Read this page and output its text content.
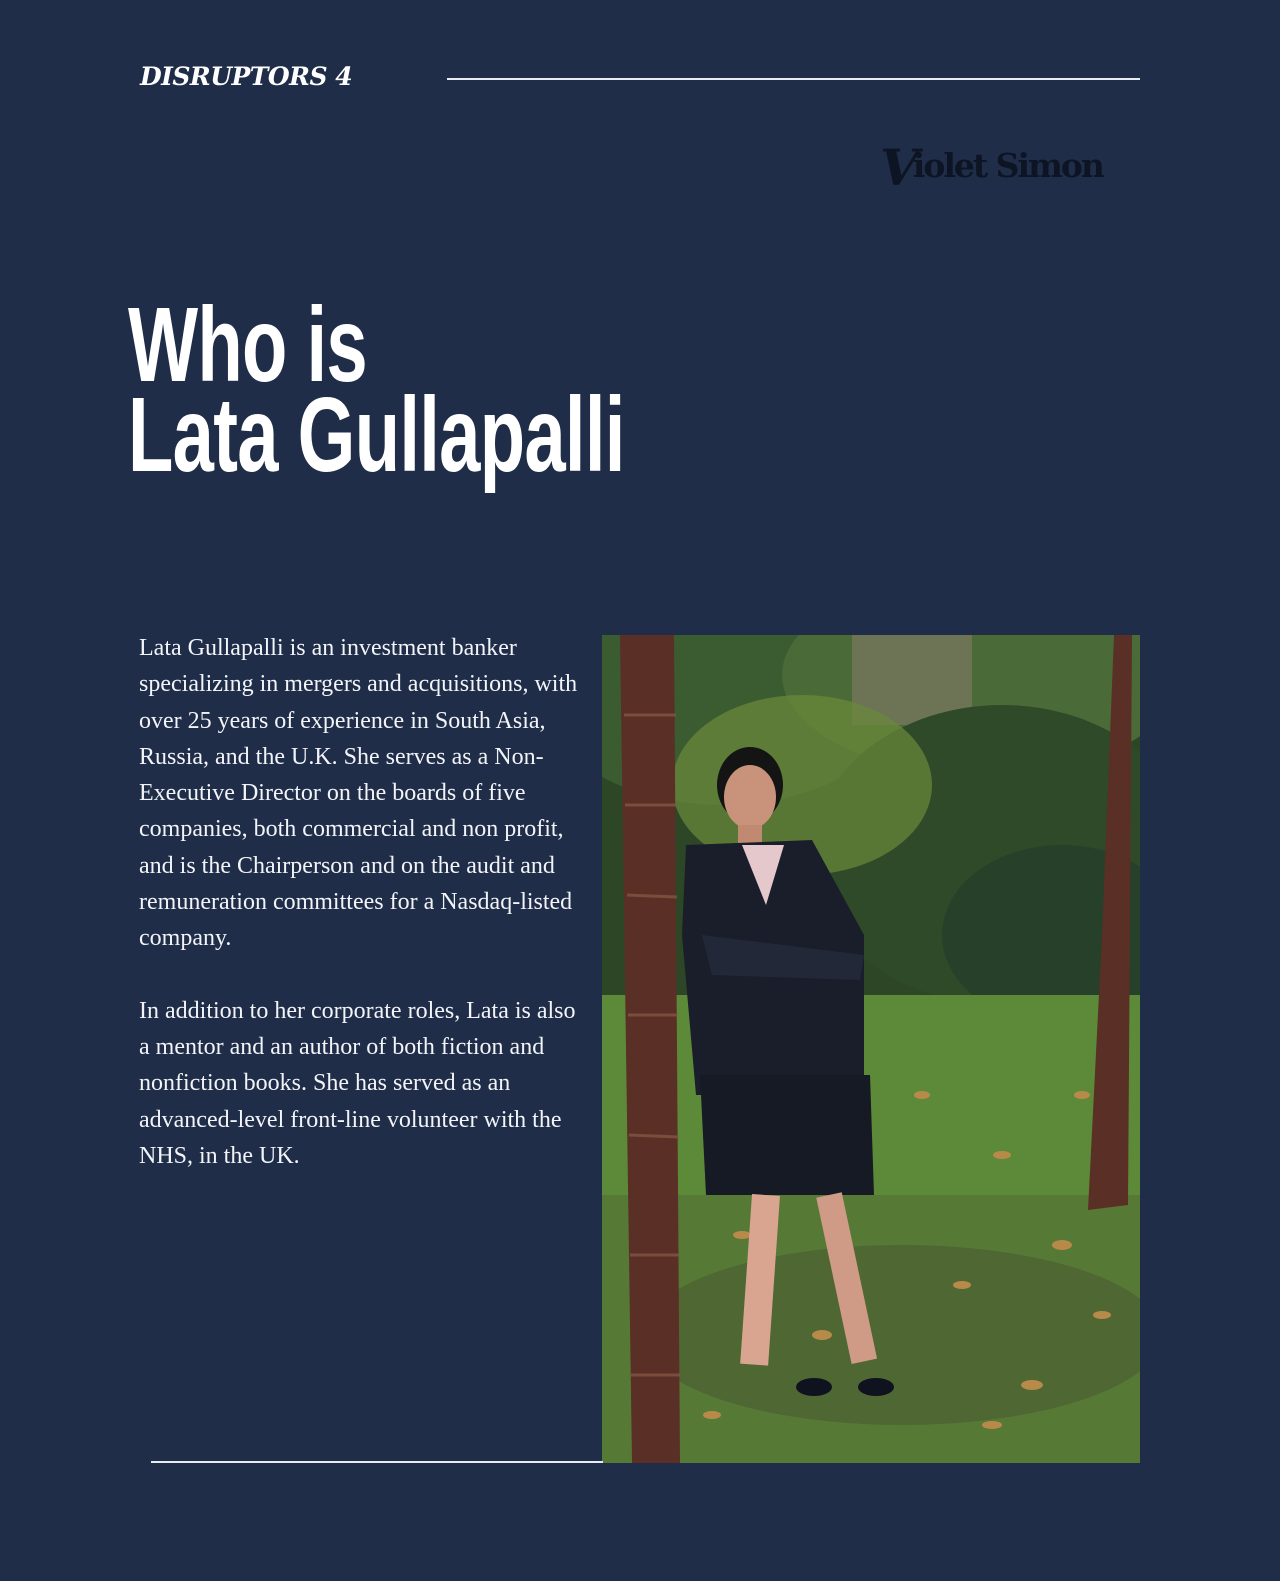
DISRUPTORS 4
Violet Simon
Who is
Lata Gullapalli

Lata Gullapalli is an investment banker specializing in mergers and acquisitions, with over 25 years of experience in South Asia, Russia, and the U.K. She serves as a Non-Executive Director on the boards of five companies, both commercial and non profit, and is the Chairperson and on the audit and remuneration committees for a Nasdaq-listed company.

In addition to her corporate roles, Lata is also a mentor and an author of both fiction and nonfiction books. She has served as an advanced-level front-line volunteer with the NHS, in the UK.
